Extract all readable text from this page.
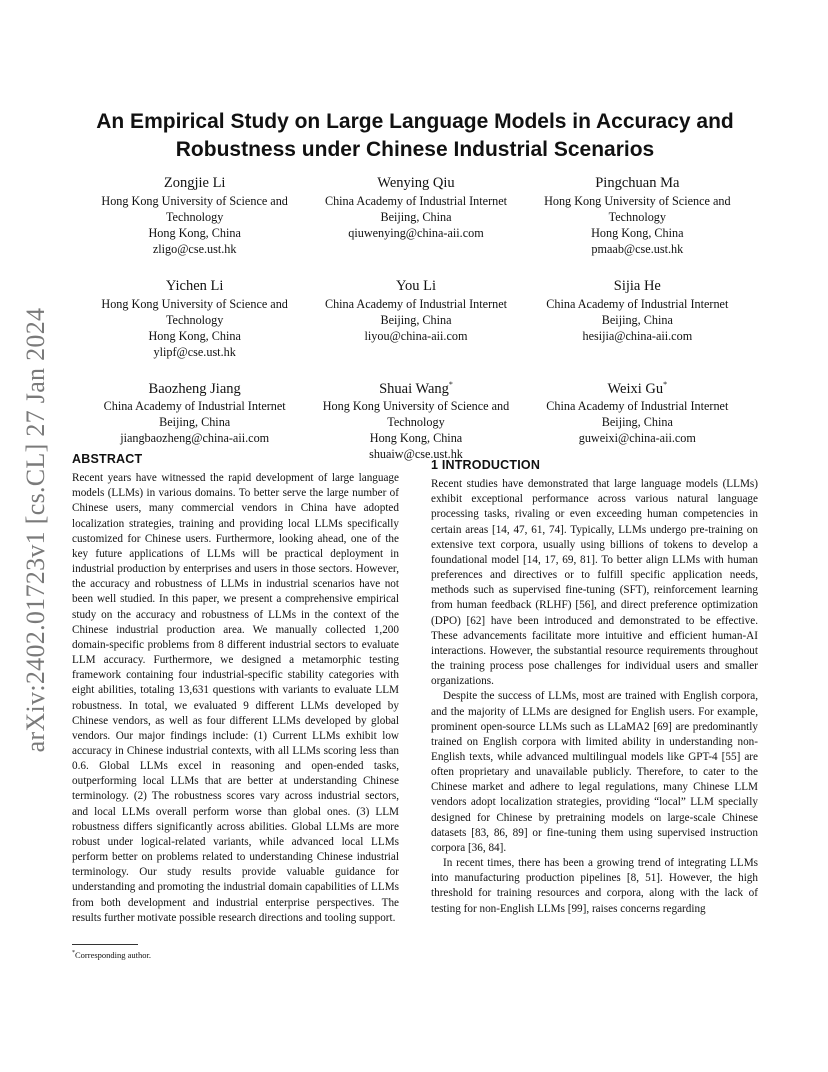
arXiv:2402.01723v1 [cs.CL] 27 Jan 2024
An Empirical Study on Large Language Models in Accuracy and Robustness under Chinese Industrial Scenarios
Zongjie Li
Hong Kong University of Science and Technology
Hong Kong, China
zligo@cse.ust.hk
Wenying Qiu
China Academy of Industrial Internet
Beijing, China
qiuwenying@china-aii.com
Pingchuan Ma
Hong Kong University of Science and Technology
Hong Kong, China
pmaab@cse.ust.hk
Yichen Li
Hong Kong University of Science and Technology
Hong Kong, China
ylipf@cse.ust.hk
You Li
China Academy of Industrial Internet
Beijing, China
liyou@china-aii.com
Sijia He
China Academy of Industrial Internet
Beijing, China
hesijia@china-aii.com
Baozheng Jiang
China Academy of Industrial Internet
Beijing, China
jiangbaozheng@china-aii.com
Shuai Wang*
Hong Kong University of Science and Technology
Hong Kong, China
shuaiw@cse.ust.hk
Weixi Gu*
China Academy of Industrial Internet
Beijing, China
guweixi@china-aii.com
ABSTRACT

Recent years have witnessed the rapid development of large language models (LLMs) in various domains. To better serve the large number of Chinese users, many commercial vendors in China have adopted localization strategies, training and providing local LLMs specifically customized for Chinese users. Furthermore, looking ahead, one of the key future applications of LLMs will be practical deployment in industrial production by enterprises and users in those sectors. However, the accuracy and robustness of LLMs in industrial scenarios have not been well studied. In this paper, we present a comprehensive empirical study on the accuracy and robustness of LLMs in the context of the Chinese industrial production area. We manually collected 1,200 domain-specific problems from 8 different industrial sectors to evaluate LLM accuracy. Furthermore, we designed a metamorphic testing framework containing four industrial-specific stability categories with eight abilities, totaling 13,631 questions with variants to evaluate LLM robustness. In total, we evaluated 9 different LLMs developed by Chinese vendors, as well as four different LLMs developed by global vendors. Our major findings include: (1) Current LLMs exhibit low accuracy in Chinese industrial contexts, with all LLMs scoring less than 0.6. Global LLMs excel in reasoning and open-ended tasks, outperforming local LLMs that are better at understanding Chinese terminology. (2) The robustness scores vary across industrial sectors, and local LLMs overall perform worse than global ones. (3) LLM robustness differs significantly across abilities. Global LLMs are more robust under logical-related variants, while advanced local LLMs perform better on problems related to understanding Chinese industrial terminology. Our study results provide valuable guidance for understanding and promoting the industrial domain capabilities of LLMs from both development and industrial enterprise perspectives. The results further motivate possible research directions and tooling support.

*Corresponding author.
1 INTRODUCTION

Recent studies have demonstrated that large language models (LLMs) exhibit exceptional performance across various natural language processing tasks, rivaling or even exceeding human competencies in certain areas [14, 47, 61, 74]. Typically, LLMs undergo pre-training on extensive text corpora, usually using billions of tokens to develop a foundational model [14, 17, 69, 81]. To better align LLMs with human preferences and directives or to fulfill specific application needs, methods such as supervised fine-tuning (SFT), reinforcement learning from human feedback (RLHF) [56], and direct preference optimization (DPO) [62] have been introduced and demonstrated to be effective. These advancements facilitate more intuitive and efficient human-AI interactions. However, the substantial resource requirements throughout the training process pose challenges for individual users and smaller organizations.

Despite the success of LLMs, most are trained with English corpora, and the majority of LLMs are designed for English users. For example, prominent open-source LLMs such as LLaMA2 [69] are predominantly trained on English corpora with limited ability in understanding non-English texts, while advanced multilingual models like GPT-4 [55] are often proprietary and unavailable publicly. Therefore, to cater to the Chinese market and adhere to legal regulations, many Chinese LLM vendors adopt localization strategies, providing “local” LLM specially designed for Chinese by pretraining models on large-scale Chinese datasets [83, 86, 89] or fine-tuning them using supervised instruction corpora [36, 84].

In recent times, there has been a growing trend of integrating LLMs into manufacturing production pipelines [8, 51]. However, the high threshold for training resources and corpora, along with the lack of testing for non-English LLMs [99], raises concerns regarding
